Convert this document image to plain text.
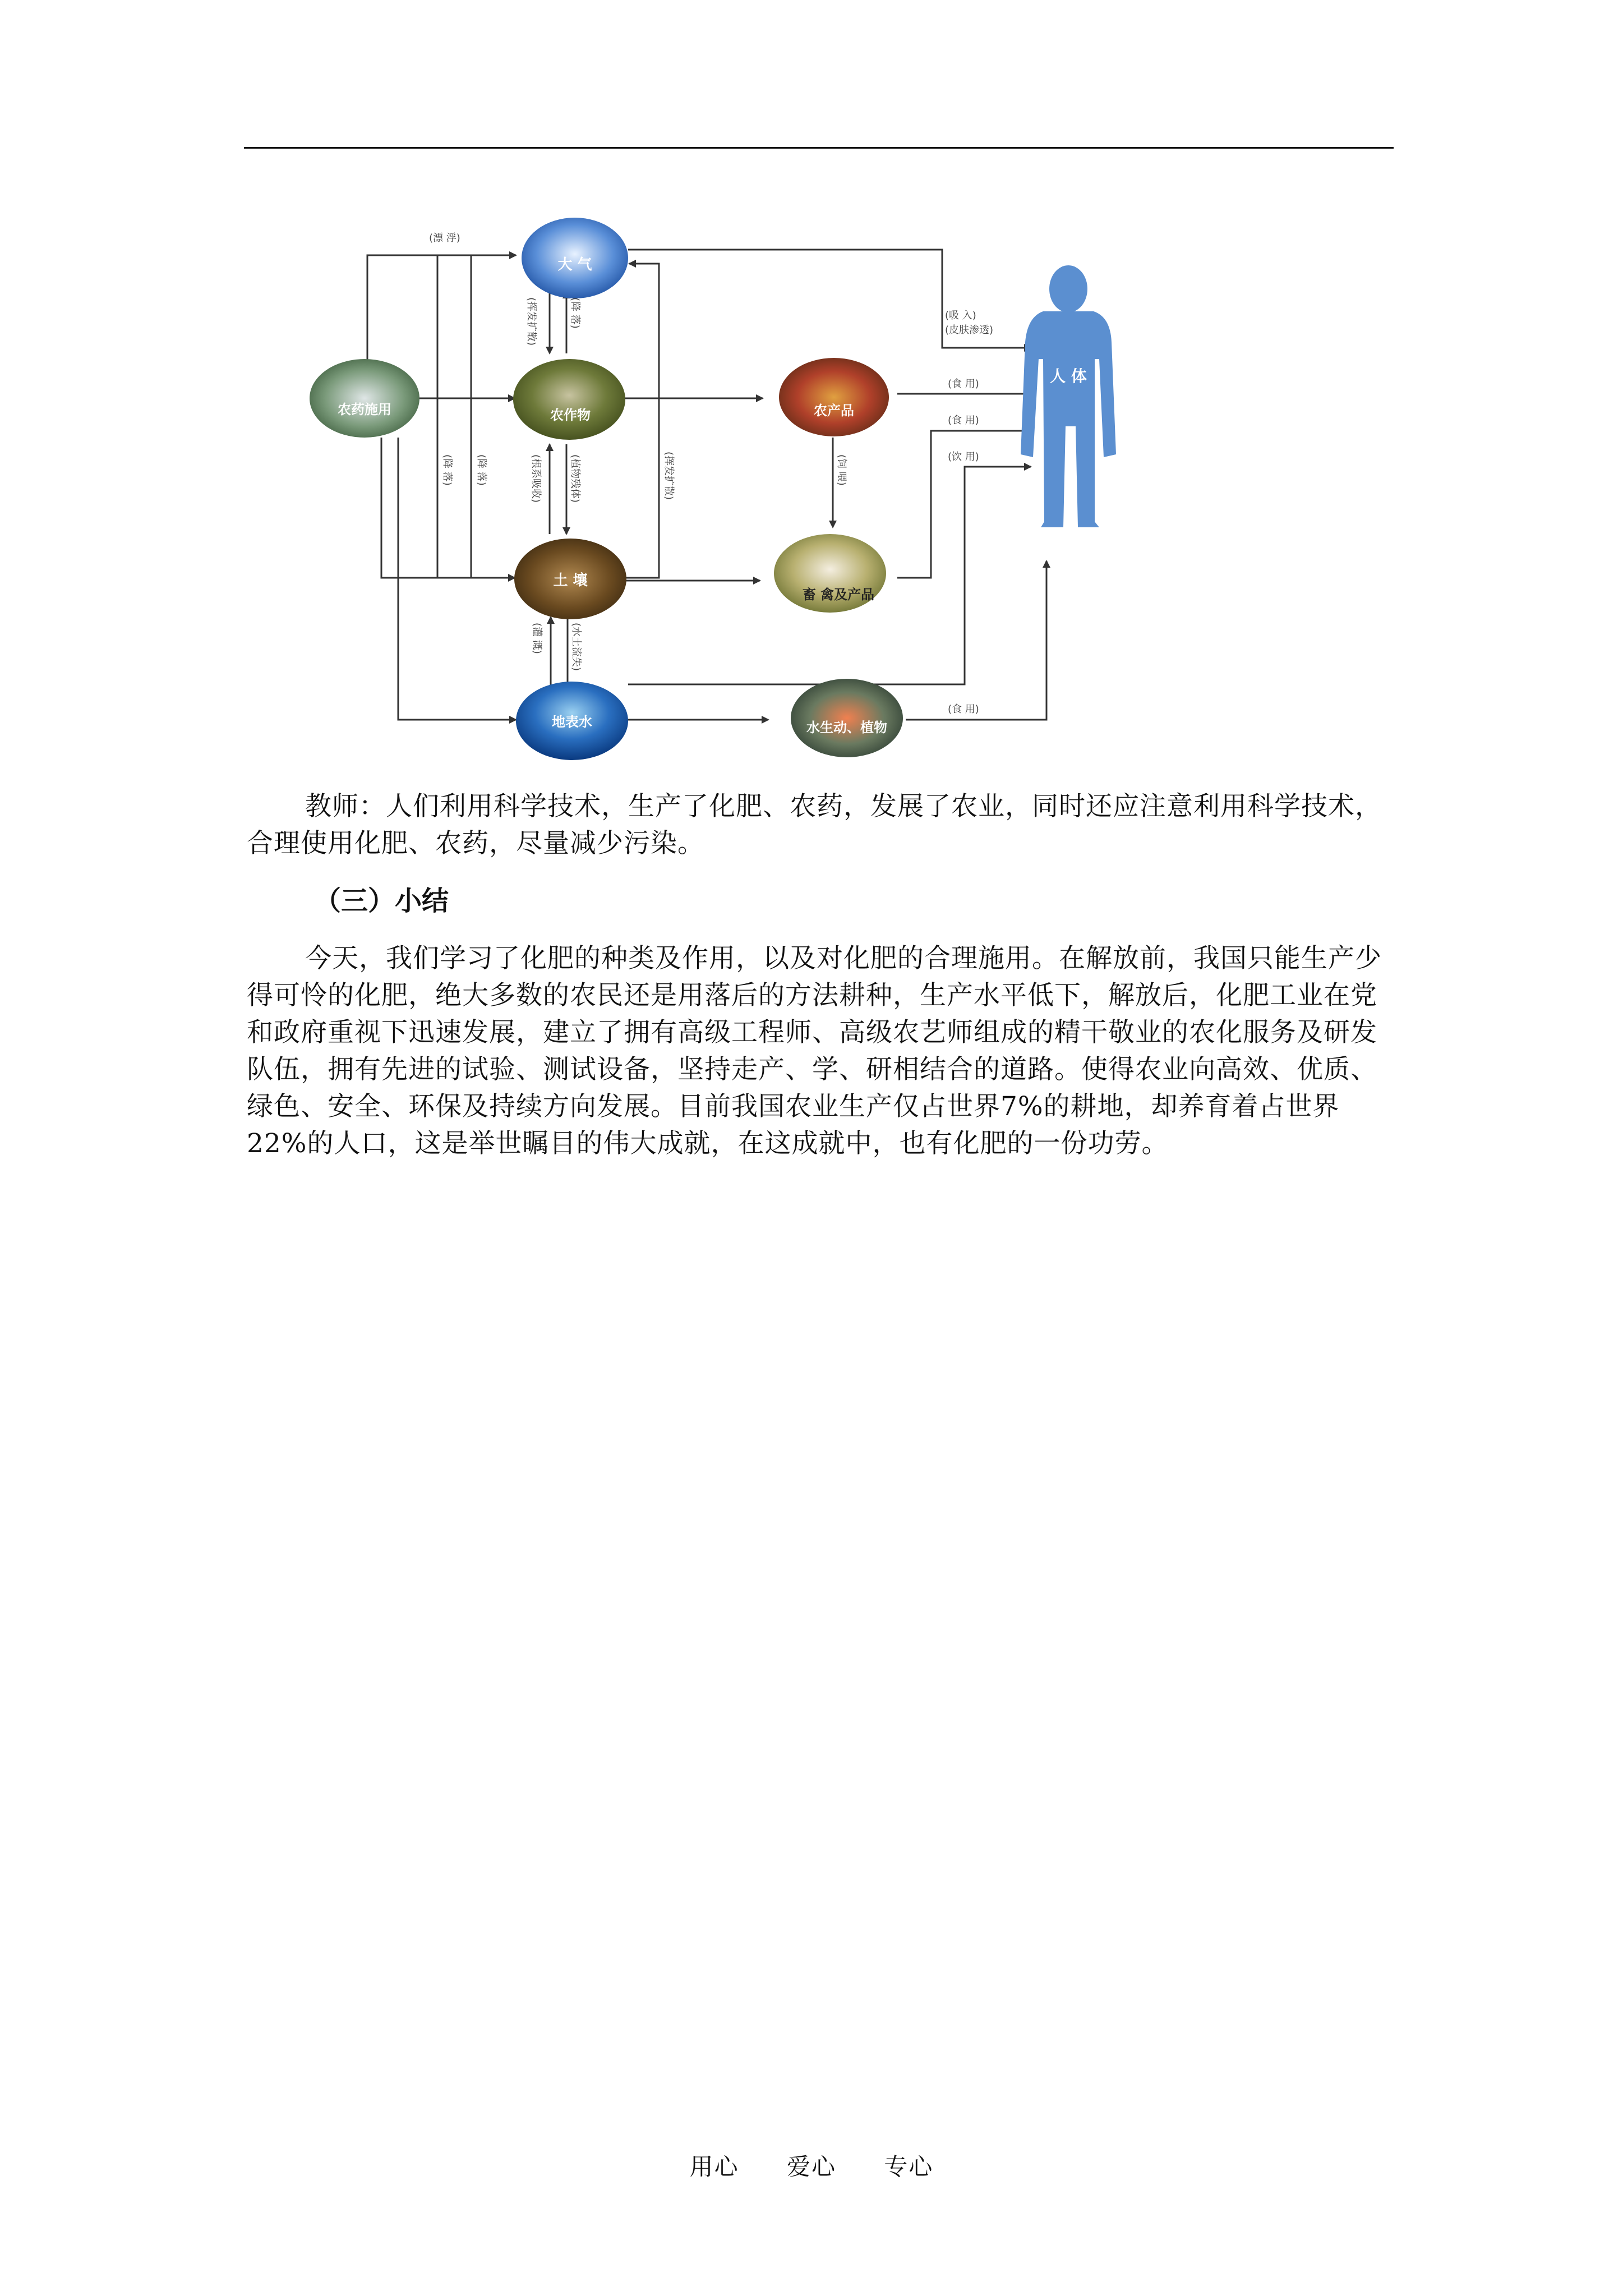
大 气
农药施用	农作物
土 壤
地表水
农产品
畜 禽及产品
水生动、植物
人 体
(漂 浮)
(吸 入)
(皮肤渗透)
(食 用)
(食 用)
(饮 用)
(食 用)
(挥发扩散)	(降 落)
(降 落) (降 落)	(根系吸收)	(植物残体)	(挥发扩散)
(灌 溉)	(水土流失)
(饲 喂)
教师：人们利用科学技术，生产了化肥、农药，发展了农业，同时还应注意利用科学技术，合理使用化肥、农药，尽量减少污染。
（三）小结
今天，我们学习了化肥的种类及作用，以及对化肥的合理施用。在解放前，我国只能生产少得可怜的化肥，绝大多数的农民还是用落后的方法耕种，生产水平低下，解放后，化肥工业在党和政府重视下迅速发展，建立了拥有高级工程师、高级农艺师组成的精干敬业的农化服务及研发队伍，拥有先进的试验、测试设备，坚持走产、学、研相结合的道路。使得农业向高效、优质、绿色、安全、环保及持续方向发展。目前我国农业生产仅占世界7%的耕地，却养育着占世界22%的人口，这是举世瞩目的伟大成就，在这成就中，也有化肥的一份功劳。
用心 爱心 专心
